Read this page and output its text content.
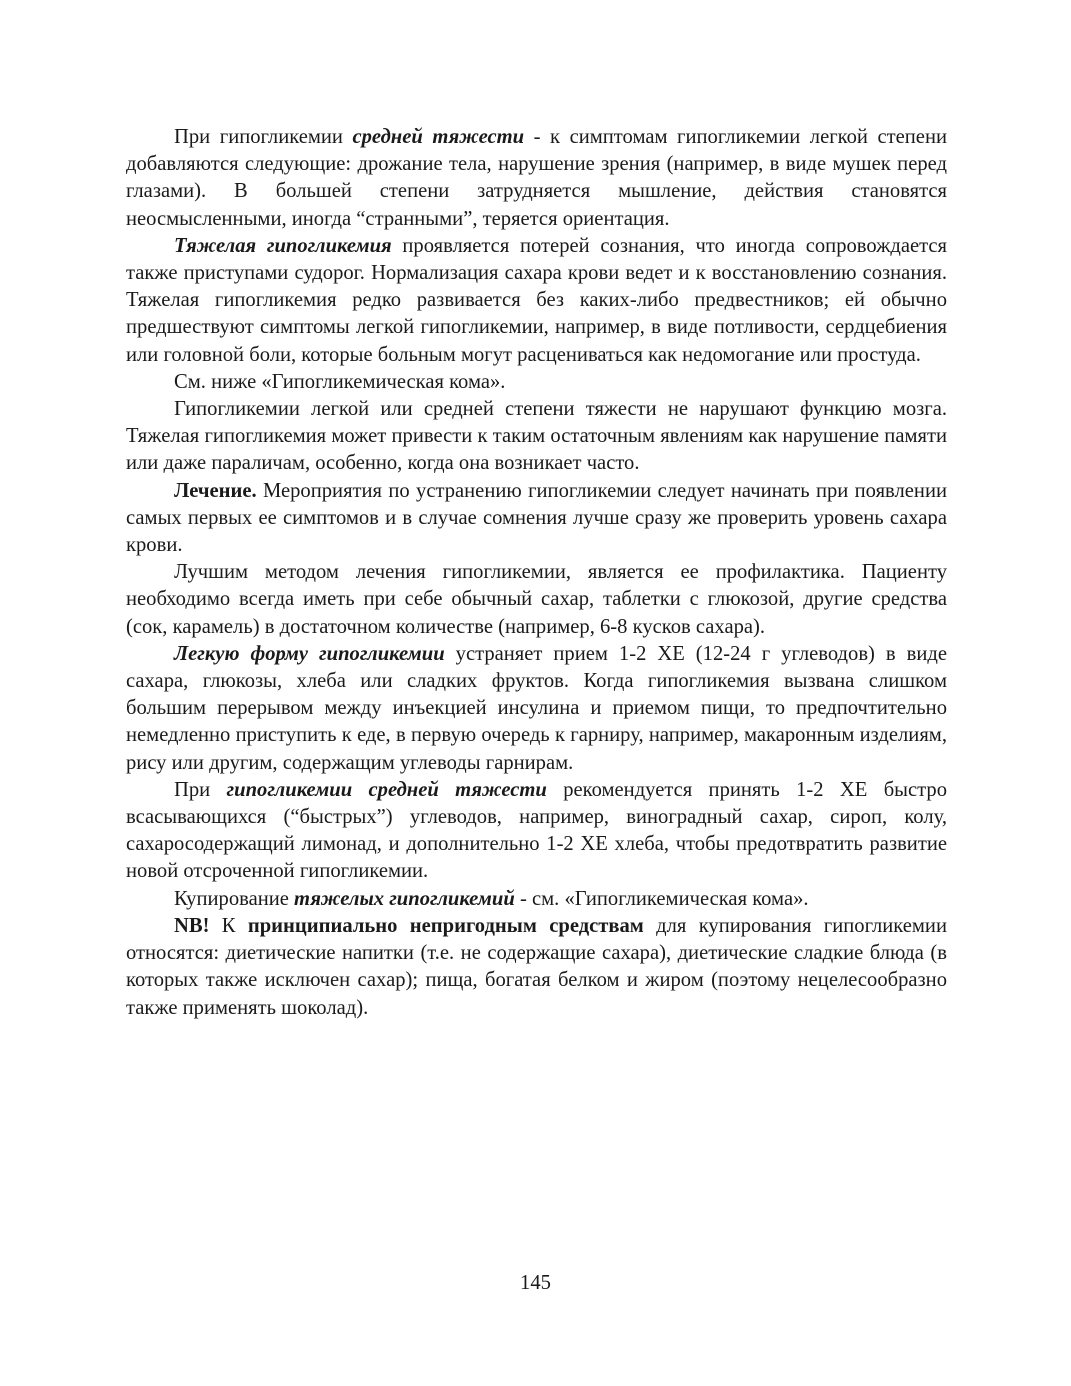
При гипогликемии средней тяжести - к симптомам гипогликемии легкой степени добавляются следующие: дрожание тела, нарушение зрения (например, в виде мушек перед глазами). В большей степени затрудняется мышление, действия становятся неосмысленными, иногда “странными”, теряется ориентация.

Тяжелая гипогликемия проявляется потерей сознания, что иногда сопровождается также приступами судорог. Нормализация сахара крови ведет и к восстановлению сознания. Тяжелая гипогликемия редко развивается без каких-либо предвестников; ей обычно предшествуют симптомы легкой гипогликемии, например, в виде потливости, сердцебиения или головной боли, которые больным могут расцениваться как недомогание или простуда.

См. ниже «Гипогликемическая кома».

Гипогликемии легкой или средней степени тяжести не нарушают функцию мозга. Тяжелая гипогликемия может привести к таким остаточным явлениям как нарушение памяти или даже параличам, особенно, когда она возникает часто.

Лечение. Мероприятия по устранению гипогликемии следует начинать при появлении самых первых ее симптомов и в случае сомнения лучше сразу же проверить уровень сахара крови.

Лучшим методом лечения гипогликемии, является ее профилактика. Пациенту необходимо всегда иметь при себе обычный сахар, таблетки с глюкозой, другие средства (сок, карамель) в достаточном количестве (например, 6-8 кусков сахара).

Легкую форму гипогликемии устраняет прием 1-2 ХЕ (12-24 г углеводов) в виде сахара, глюкозы, хлеба или сладких фруктов. Когда гипогликемия вызвана слишком большим перерывом между инъекцией инсулина и приемом пищи, то предпочтительно немедленно приступить к еде, в первую очередь к гарниру, например, макаронным изделиям, рису или другим, содержащим углеводы гарнирам.

При гипогликемии средней тяжести рекомендуется принять 1-2 ХЕ быстро всасывающихся (“быстрых”) углеводов, например, виноградный сахар, сироп, колу, сахаросодержащий лимонад, и дополнительно 1-2 ХЕ хлеба, чтобы предотвратить развитие новой отсроченной гипогликемии.

Купирование тяжелых гипогликемий - см. «Гипогликемическая кома».

NB! К принципиально непригодным средствам для купирования гипогликемии относятся: диетические напитки (т.е. не содержащие сахара), диетические сладкие блюда (в которых также исключен сахар); пища, богатая белком и жиром (поэтому нецелесообразно также применять шоколад).

145
